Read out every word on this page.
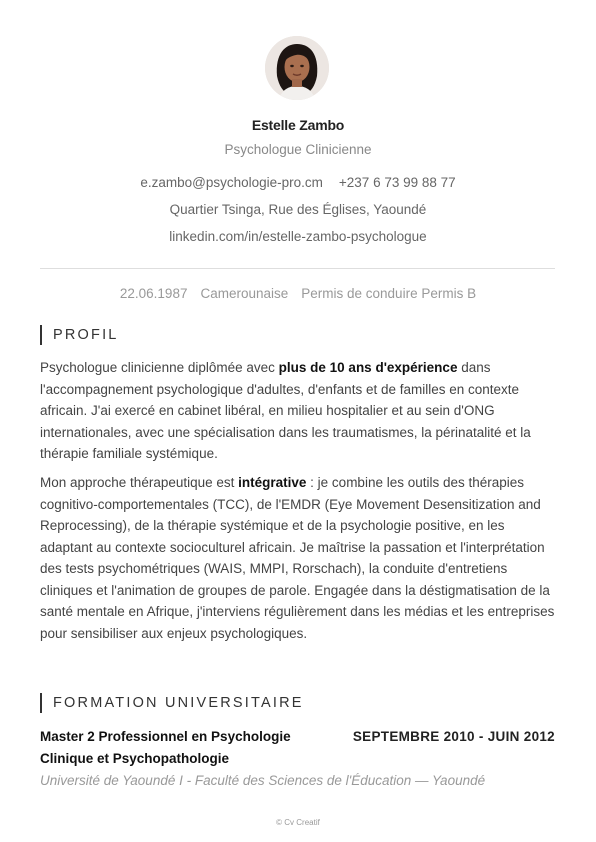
Estelle Zambo
Psychologue Clinicienne
e.zambo@psychologie-pro.cm +237 6 73 99 88 77
Quartier Tsinga, Rue des Églises, Yaoundé
linkedin.com/in/estelle-zambo-psychologue
22.06.1987 Camerounaise Permis de conduire Permis B
PROFIL

Psychologue clinicienne diplômée avec plus de 10 ans d'expérience dans l'accompagnement psychologique d'adultes, d'enfants et de familles en contexte africain. J'ai exercé en cabinet libéral, en milieu hospitalier et au sein d'ONG internationales, avec une spécialisation dans les traumatismes, la périnatalité et la thérapie familiale systémique.

Mon approche thérapeutique est intégrative : je combine les outils des thérapies cognitivo-comportementales (TCC), de l'EMDR (Eye Movement Desensitization and Reprocessing), de la thérapie systémique et de la psychologie positive, en les adaptant au contexte socioculturel africain. Je maîtrise la passation et l'interprétation des tests psychométriques (WAIS, MMPI, Rorschach), la conduite d'entretiens cliniques et l'animation de groupes de parole. Engagée dans la déstigmatisation de la santé mentale en Afrique, j'interviens régulièrement dans les médias et les entreprises pour sensibiliser aux enjeux psychologiques.

FORMATION UNIVERSITAIRE
Master 2 Professionnel en Psychologie Clinique et Psychopathologie
SEPTEMBRE 2010 - JUIN 2012
Université de Yaoundé I - Faculté des Sciences de l'Éducation — Yaoundé
© Cv Creatif
